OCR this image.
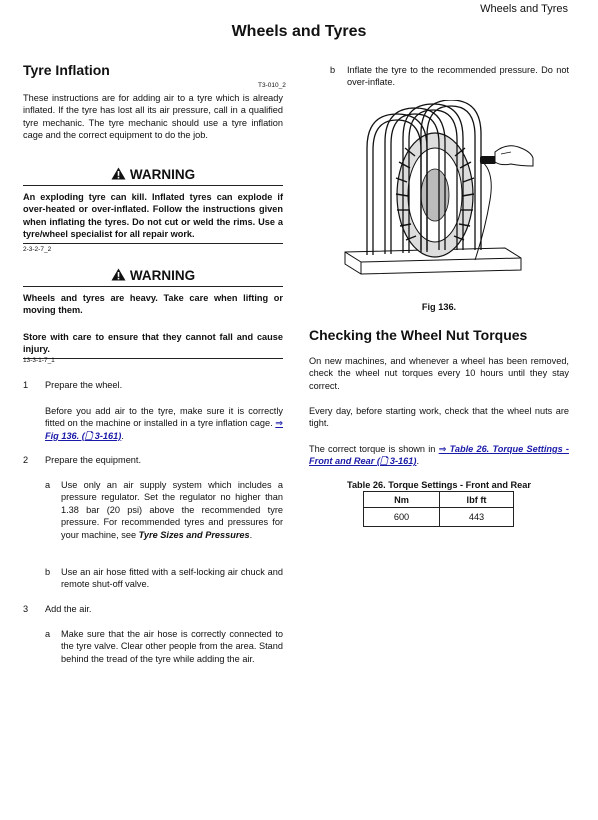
Wheels and Tyres
Wheels and Tyres
Tyre Inflation
T3-010_2
These instructions are for adding air to a tyre which is already inflated. If the tyre has lost all its air pressure, call in a qualified tyre mechanic. The tyre mechanic should use a tyre inflation cage and the correct equipment to do the job.
WARNING
An exploding tyre can kill. Inflated tyres can explode if over-heated or over-inflated. Follow the instructions given when inflating the tyres. Do not cut or weld the rims. Use a tyre/wheel specialist for all repair work.
2-3-2-7_2
WARNING
Wheels and tyres are heavy. Take care when lifting or moving them.
Store with care to ensure that they cannot fall and cause injury.
13-3-1-7_1
1 Prepare the wheel.
Before you add air to the tyre, make sure it is correctly fitted on the machine or installed in a tyre inflation cage. ⇒ Fig 136. (🗋 3-161).
2 Prepare the equipment.
a Use only an air supply system which includes a pressure regulator. Set the regulator no higher than 1.38 bar (20 psi) above the recommended tyre pressure. For recommended tyres and pressures for your machine, see Tyre Sizes and Pressures.
b Use an air hose fitted with a self-locking air chuck and remote shut-off valve.
3 Add the air.
a Make sure that the air hose is correctly connected to the tyre valve. Clear other people from the area. Stand behind the tread of the tyre while adding the air.
b Inflate the tyre to the recommended pressure. Do not over-inflate.
Fig 136.
Checking the Wheel Nut Torques
On new machines, and whenever a wheel has been removed, check the wheel nut torques every 10 hours until they stay correct.
Every day, before starting work, check that the wheel nuts are tight.
The correct torque is shown in ⇒ Table 26. Torque Settings - Front and Rear (🗋 3-161).
Table 26. Torque Settings - Front and Rear
Nm	lbf ft
600	443
